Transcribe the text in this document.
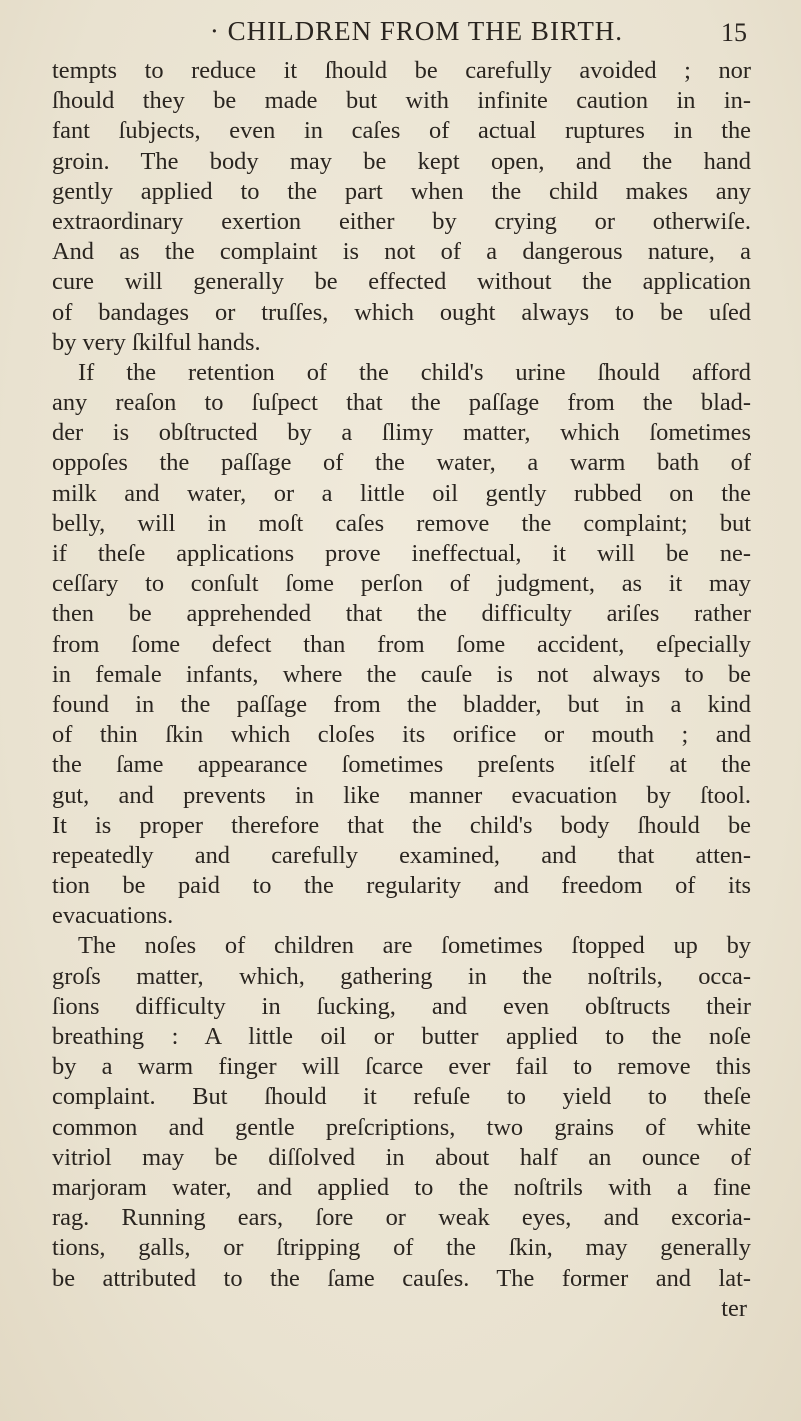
· CHILDREN FROM THE BIRTH.	15
tempts to reduce it ſhould be carefully avoided ; nor
ſhould they be made but with infinite caution in in-
fant ſubjects, even in caſes of actual ruptures in the
groin. The body may be kept open, and the hand
gently applied to the part when the child makes any
extraordinary exertion either by crying or otherwiſe.
And as the complaint is not of a dangerous nature, a
cure will generally be effected without the application
of bandages or truſſes, which ought always to be uſed
by very ſkilful hands.
If the retention of the child's urine ſhould afford
any reaſon to ſuſpect that the paſſage from the blad-
der is obſtructed by a ſlimy matter, which ſometimes
oppoſes the paſſage of the water, a warm bath of
milk and water, or a little oil gently rubbed on the
belly, will in moſt caſes remove the complaint; but
if theſe applications prove ineffectual, it will be ne-
ceſſary to conſult ſome perſon of judgment, as it may
then be apprehended that the difficulty ariſes rather
from ſome defect than from ſome accident, eſpecially
in female infants, where the cauſe is not always to be
found in the paſſage from the bladder, but in a kind
of thin ſkin which cloſes its orifice or mouth ; and
the ſame appearance ſometimes preſents itſelf at the
gut, and prevents in like manner evacuation by ſtool.
It is proper therefore that the child's body ſhould be
repeatedly and carefully examined, and that atten-
tion be paid to the regularity and freedom of its
evacuations.
The noſes of children are ſometimes ſtopped up by
groſs matter, which, gathering in the noſtrils, occa-
ſions difficulty in ſucking, and even obſtructs their
breathing : A little oil or butter applied to the noſe
by a warm finger will ſcarce ever fail to remove this
complaint. But ſhould it refuſe to yield to theſe
common and gentle preſcriptions, two grains of white
vitriol may be diſſolved in about half an ounce of
marjoram water, and applied to the noſtrils with a fine
rag. Running ears, ſore or weak eyes, and excoria-
tions, galls, or ſtripping of the ſkin, may generally
be attributed to the ſame cauſes. The former and lat-
ter
